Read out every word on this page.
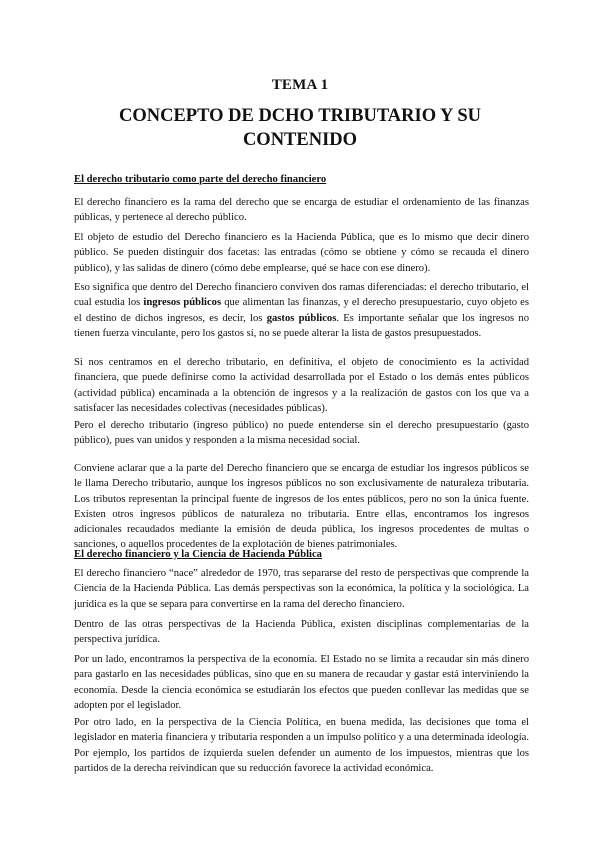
TEMA 1
CONCEPTO DE DCHO TRIBUTARIO Y SU CONTENIDO
El derecho tributario como parte del derecho financiero

El derecho financiero es la rama del derecho que se encarga de estudiar el ordenamiento de las finanzas públicas, y pertenece al derecho público.

El objeto de estudio del Derecho financiero es la Hacienda Pública, que es lo mismo que decir dinero público. Se pueden distinguir dos facetas: las entradas (cómo se obtiene y cómo se recauda el dinero público), y las salidas de dinero (cómo debe emplearse, qué se hace con ese dinero).

Eso significa que dentro del Derecho financiero conviven dos ramas diferenciadas: el derecho tributario, el cual estudia los ingresos públicos que alimentan las finanzas, y el derecho presupuestario, cuyo objeto es el destino de dichos ingresos, es decir, los gastos públicos. Es importante señalar que los ingresos no tienen fuerza vinculante, pero los gastos sí, no se puede alterar la lista de gastos presupuestados.

Si nos centramos en el derecho tributario, en definitiva, el objeto de conocimiento es la actividad financiera, que puede definirse como la actividad desarrollada por el Estado o los demás entes públicos (actividad pública) encaminada a la obtención de ingresos y a la realización de gastos con los que va a satisfacer las necesidades colectivas (necesidades públicas).

Pero el derecho tributario (ingreso público) no puede entenderse sin el derecho presupuestario (gasto público), pues van unidos y responden a la misma necesidad social.

Conviene aclarar que a la parte del Derecho financiero que se encarga de estudiar los ingresos públicos se le llama Derecho tributario, aunque los ingresos públicos no son exclusivamente de naturaleza tributaria. Los tributos representan la principal fuente de ingresos de los entes públicos, pero no son la única fuente. Existen otros ingresos públicos de naturaleza no tributaria. Entre ellas, encontramos los ingresos adicionales recaudados mediante la emisión de deuda pública, los ingresos procedentes de multas o sanciones, o aquellos procedentes de la explotación de bienes patrimoniales.

El derecho financiero y la Ciencia de Hacienda Pública

El derecho financiero “nace” alrededor de 1970, tras separarse del resto de perspectivas que comprende la Ciencia de la Hacienda Pública. Las demás perspectivas son la económica, la política y la sociológica. La jurídica es la que se separa para convertirse en la rama del derecho financiero.

Dentro de las otras perspectivas de la Hacienda Pública, existen disciplinas complementarias de la perspectiva jurídica.

Por un lado, encontramos la perspectiva de la economía. El Estado no se limita a recaudar sin más dinero para gastarlo en las necesidades públicas, sino que en su manera de recaudar y gastar está interviniendo la economía. Desde la ciencia económica se estudiarán los efectos que pueden conllevar las medidas que se adopten por el legislador.

Por otro lado, en la perspectiva de la Ciencia Política, en buena medida, las decisiones que toma el legislador en materia financiera y tributaria responden a un impulso político y a una determinada ideología. Por ejemplo, los partidos de izquierda suelen defender un aumento de los impuestos, mientras que los partidos de la derecha reivindican que su reducción favorece la actividad económica.
